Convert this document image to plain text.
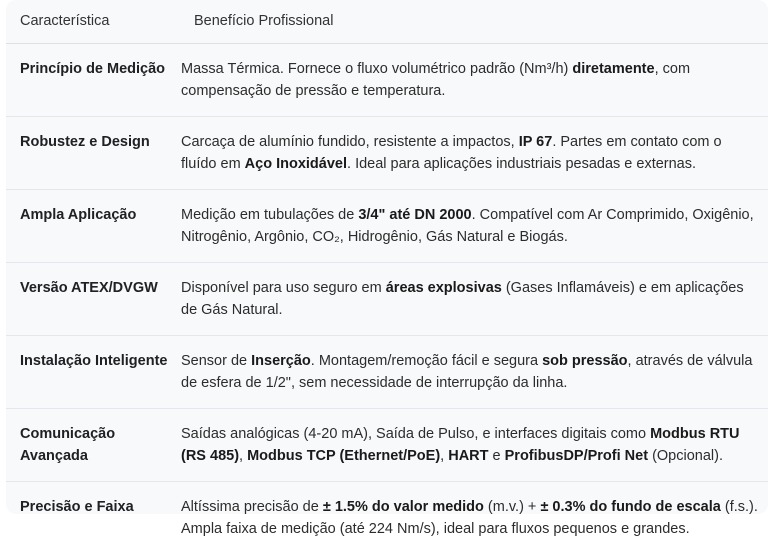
Característica	Benefício Profissional
Princípio de Medição	Massa Térmica. Fornece o fluxo volumétrico padrão (Nm³/h) diretamente, com compensação de pressão e temperatura.
Robustez e Design	Carcaça de alumínio fundido, resistente a impactos, IP 67. Partes em contato com o fluído em Aço Inoxidável. Ideal para aplicações industriais pesadas e externas.
Ampla Aplicação	Medição em tubulações de 3/4" até DN 2000. Compatível com Ar Comprimido, Oxigênio, Nitrogênio, Argônio, CO₂, Hidrogênio, Gás Natural e Biogás.
Versão ATEX/DVGW	Disponível para uso seguro em áreas explosivas (Gases Inflamáveis) e em aplicações de Gás Natural.
Instalação Inteligente	Sensor de Inserção. Montagem/remoção fácil e segura sob pressão, através de válvula de esfera de 1/2", sem necessidade de interrupção da linha.
Comunicação Avançada	Saídas analógicas (4-20 mA), Saída de Pulso, e interfaces digitais como Modbus RTU (RS 485), Modbus TCP (Ethernet/PoE), HART e ProfibusDP/Profi Net (Opcional).
Precisão e Faixa	Altíssima precisão de ± 1.5% do valor medido (m.v.) + ± 0.3% do fundo de escala (f.s.). Ampla faixa de medição (até 224 Nm/s), ideal para fluxos pequenos e grandes.
